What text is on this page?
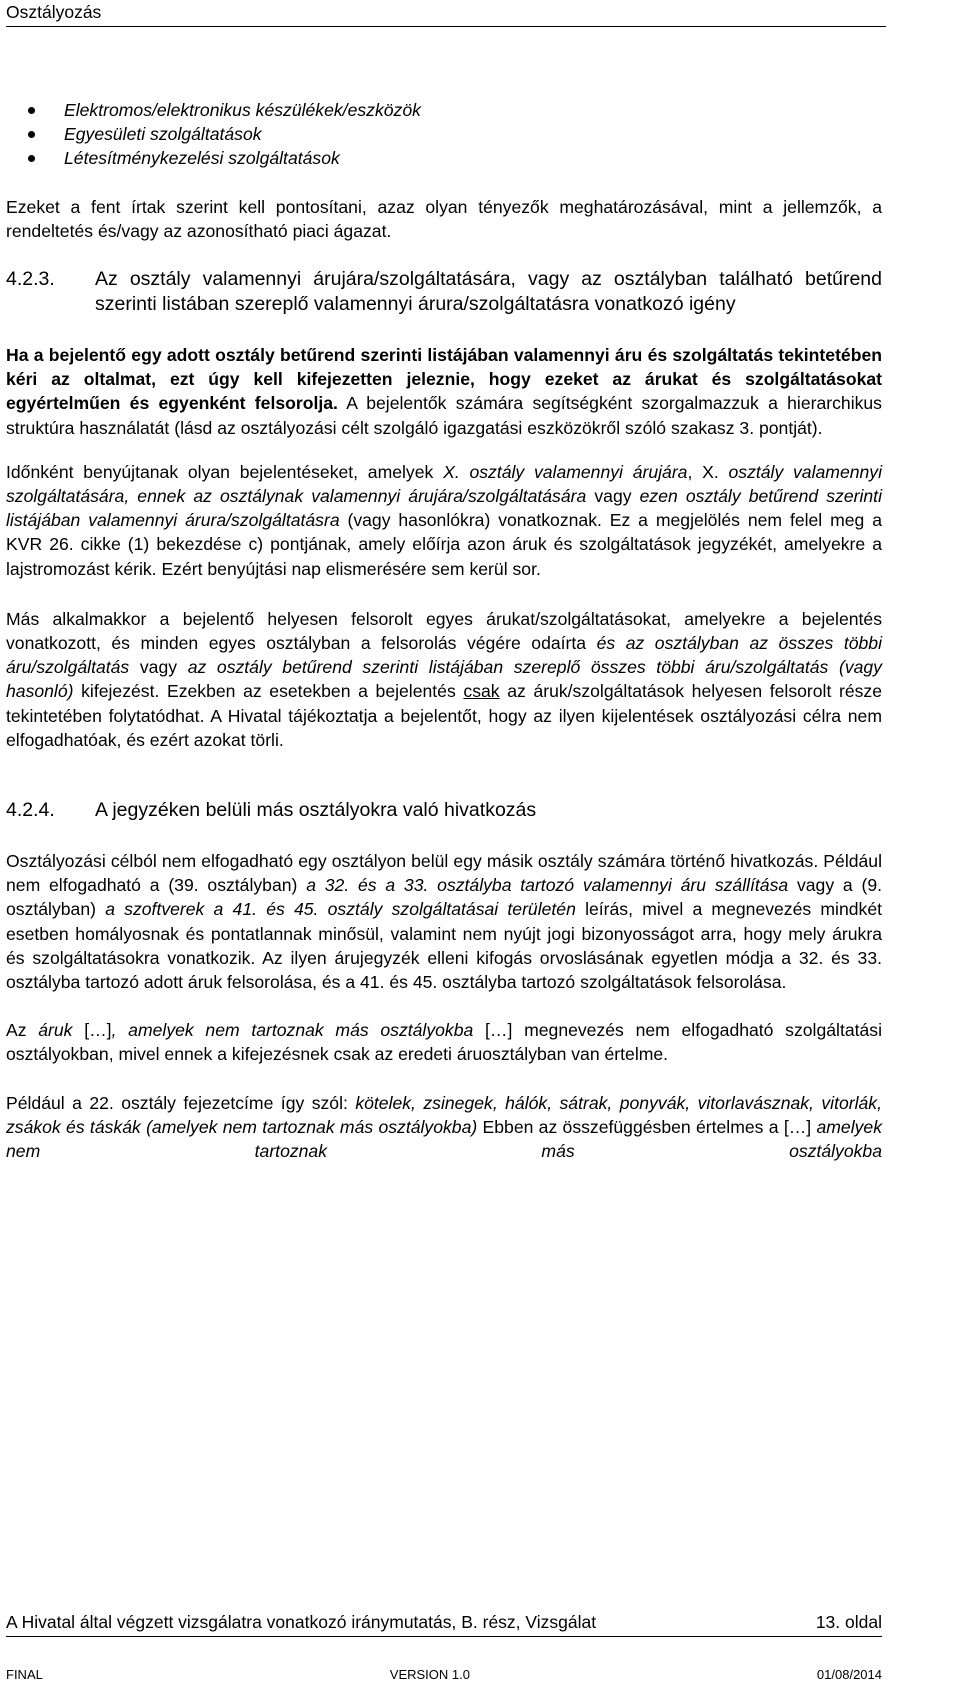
Osztályozás
Elektromos/elektronikus készülékek/eszközök
Egyesületi szolgáltatások
Létesítménykezelési szolgáltatások

Ezeket a fent írtak szerint kell pontosítani, azaz olyan tényezők meghatározásával, mint a jellemzők, a rendeltetés és/vagy az azonosítható piaci ágazat.

4.2.3.	Az osztály valamennyi árujára/szolgáltatására, vagy az osztályban található betűrend szerinti listában szereplő valamennyi árura/szolgáltatásra vonatkozó igény

Ha a bejelentő egy adott osztály betűrend szerinti listájában valamennyi áru és szolgáltatás tekintetében kéri az oltalmat, ezt úgy kell kifejezetten jeleznie, hogy ezeket az árukat és szolgáltatásokat egyértelműen és egyenként felsorolja. A bejelentők számára segítségként szorgalmazzuk a hierarchikus struktúra használatát (lásd az osztályozási célt szolgáló igazgatási eszközökről szóló szakasz 3. pontját).

Időnként benyújtanak olyan bejelentéseket, amelyek X. osztály valamennyi árujára, X. osztály valamennyi szolgáltatására, ennek az osztálynak valamennyi árujára/szolgáltatására vagy ezen osztály betűrend szerinti listájában valamennyi árura/szolgáltatásra (vagy hasonlókra) vonatkoznak. Ez a megjelölés nem felel meg a KVR 26. cikke (1) bekezdése c) pontjának, amely előírja azon áruk és szolgáltatások jegyzékét, amelyekre a lajstromozást kérik. Ezért benyújtási nap elismerésére sem kerül sor.

Más alkalmakkor a bejelentő helyesen felsorolt egyes árukat/szolgáltatásokat, amelyekre a bejelentés vonatkozott, és minden egyes osztályban a felsorolás végére odaírta és az osztályban az összes többi áru/szolgáltatás vagy az osztály betűrend szerinti listájában szereplő összes többi áru/szolgáltatás (vagy hasonló) kifejezést. Ezekben az esetekben a bejelentés csak az áruk/szolgáltatások helyesen felsorolt része tekintetében folytatódhat. A Hivatal tájékoztatja a bejelentőt, hogy az ilyen kijelentések osztályozási célra nem elfogadhatóak, és ezért azokat törli.

4.2.4.	A jegyzéken belüli más osztályokra való hivatkozás

Osztályozási célból nem elfogadható egy osztályon belül egy másik osztály számára történő hivatkozás. Például nem elfogadható a (39. osztályban) a 32. és a 33. osztályba tartozó valamennyi áru szállítása vagy a (9. osztályban) a szoftverek a 41. és 45. osztály szolgáltatásai területén leírás, mivel a megnevezés mindkét esetben homályosnak és pontatlannak minősül, valamint nem nyújt jogi bizonyosságot arra, hogy mely árukra és szolgáltatásokra vonatkozik. Az ilyen árujegyzék elleni kifogás orvoslásának egyetlen módja a 32. és 33. osztályba tartozó adott áruk felsorolása, és a 41. és 45. osztályba tartozó szolgáltatások felsorolása.

Az áruk […], amelyek nem tartoznak más osztályokba […] megnevezés nem elfogadható szolgáltatási osztályokban, mivel ennek a kifejezésnek csak az eredeti áruosztályban van értelme.

Például a 22. osztály fejezetcíme így szól: kötelek, zsinegek, hálók, sátrak, ponyvák, vitorlavásznak, vitorlák, zsákok és táskák (amelyek nem tartoznak más osztályokba) Ebben az összefüggésben értelmes a […] amelyek nem tartoznak más osztályokba

A Hivatal által végzett vizsgálatra vonatkozó iránymutatás, B. rész, Vizsgálat	13. oldal
FINAL	VERSION 1.0	01/08/2014
